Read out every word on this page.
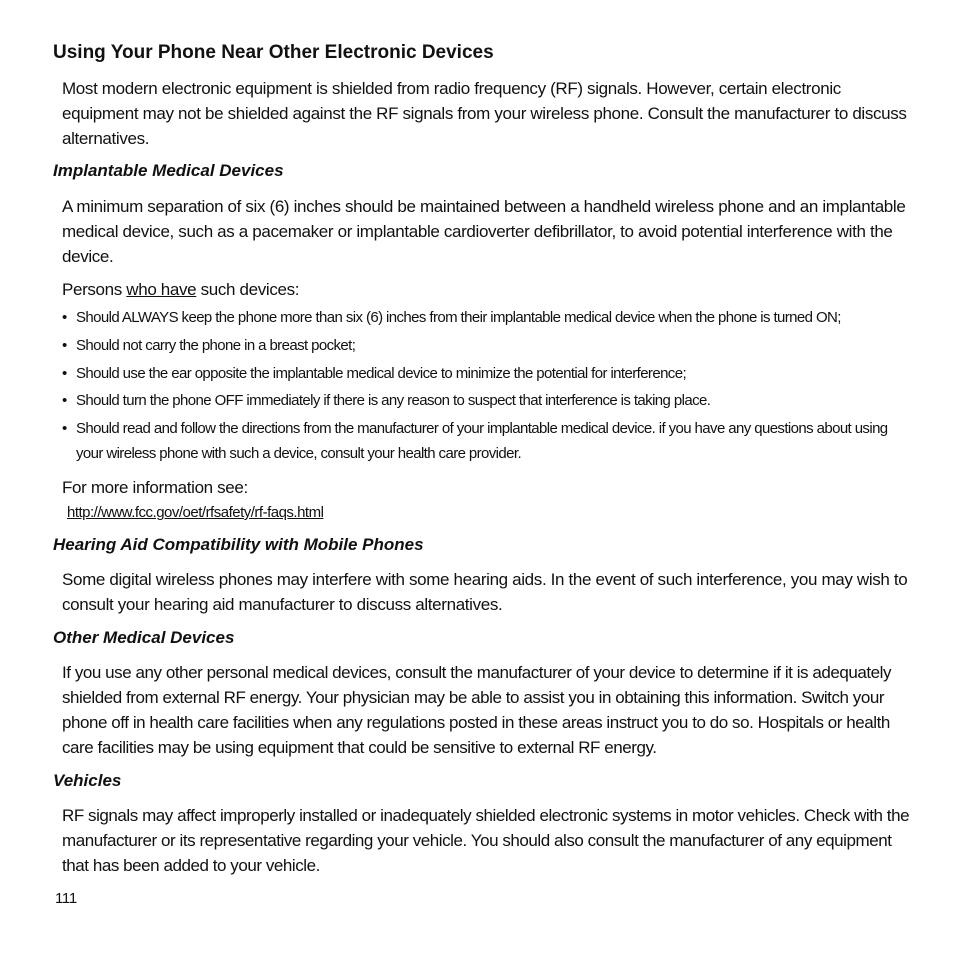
Using Your Phone Near Other Electronic Devices

Most modern electronic equipment is shielded from radio frequency (RF) signals. However, certain electronic equipment may not be shielded against the RF signals from your wireless phone. Consult the manufacturer to discuss alternatives.

Implantable Medical Devices

A minimum separation of six (6) inches should be maintained between a handheld wireless phone and an implantable medical device, such as a pacemaker or implantable cardioverter defibrillator, to avoid potential interference with the device.

Persons who have such devices:

• Should ALWAYS keep the phone more than six (6) inches from their implantable medical device when the phone is turned ON;

• Should not carry the phone in a breast pocket;

• Should use the ear opposite the implantable medical device to minimize the potential for interference;

• Should turn the phone OFF immediately if there is any reason to suspect that interference is taking place.

• Should read and follow the directions from the manufacturer of your implantable medical device. if you have any questions about using your wireless phone with such a device, consult your health care provider.

For more information see:

http://www.fcc.gov/oet/rfsafety/rf-faqs.html
Hearing Aid Compatibility with Mobile Phones

Some digital wireless phones may interfere with some hearing aids. In the event of such interference, you may wish to consult your hearing aid manufacturer to discuss alternatives.

Other Medical Devices

If you use any other personal medical devices, consult the manufacturer of your device to determine if it is adequately shielded from external RF energy. Your physician may be able to assist you in obtaining this information. Switch your phone off in health care facilities when any regulations posted in these areas instruct you to do so. Hospitals or health care facilities may be using equipment that could be sensitive to external RF energy.

Vehicles

RF signals may affect improperly installed or inadequately shielded electronic systems in motor vehicles. Check with the manufacturer or its representative regarding your vehicle. You should also consult the manufacturer of any equipment that has been added to your vehicle.

111
